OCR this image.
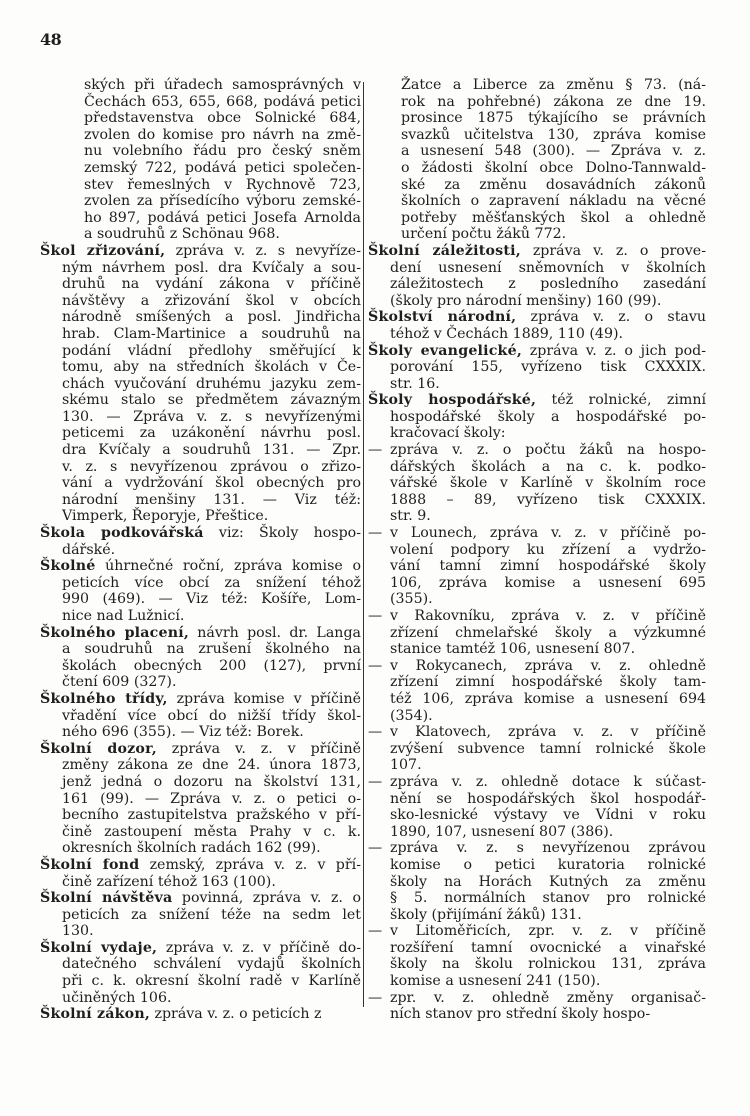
48
ských při úřadech samosprávných v
Čechách 653, 655, 668, podává petici
představenstva obce Solnické 684,
zvolen do komise pro návrh na změ-
nu volebního řádu pro český sněm
zemský 722, podává petici společen-
stev řemeslných v Rychnově 723,
zvolen za přísedícího výboru zemské-
ho 897, podává petici Josefa Arnolda
a soudruhů z Schönau 968.
Škol zřizování, zpráva v. z. s nevyříze-
ným návrhem posl. dra Kvíčaly a sou-
druhů na vydání zákona v příčině
návštěvy a zřizování škol v obcích
národně smíšených a posl. Jindřicha
hrab. Clam-Martinice a soudruhů na
podání vládní předlohy směřující k
tomu, aby na středních školách v Če-
chách vyučování druhému jazyku zem-
skému stalo se předmětem závazným
130. — Zpráva v. z. s nevyřízenými
peticemi za uzákonění návrhu posl.
dra Kvíčaly a soudruhů 131. — Zpr.
v. z. s nevyřízenou zprávou o zřizo-
vání a vydržování škol obecných pro
národní menšiny 131. — Viz též:
Vimperk, Řeporyje, Přeštice.
Škola podkovářská viz: Školy hospo-
dářské.
Školné úhrnečné roční, zpráva komise o
peticích více obcí za snížení téhož
990 (469). — Viz též: Košíře, Lom-
nice nad Lužnicí.
Školného placení, návrh posl. dr. Langa
a soudruhů na zrušení školného na
školách obecných 200 (127), první
čtení 609 (327).
Školného třídy, zpráva komise v příčině
vřadění více obcí do nižší třídy škol-
ného 696 (355). — Viz též: Borek.
Školní dozor, zpráva v. z. v příčině
změny zákona ze dne 24. února 1873,
jenž jedná o dozoru na školství 131,
161 (99). — Zpráva v. z. o petici o-
becního zastupitelstva pražského v pří-
čině zastoupení města Prahy v c. k.
okresních školních radách 162 (99).
Školní fond zemský, zpráva v. z. v pří-
čině zařízení téhož 163 (100).
Školní návštěva povinná, zpráva v. z. o
peticích za snížení téže na sedm let
130.
Školní vydaje, zpráva v. z. v příčině do-
datečného schválení vydajů školních
při c. k. okresní školní radě v Karlíně
učiněných 106.
Školní zákon, zpráva v. z. o peticích z
Žatce a Liberce za změnu § 73. (ná-
rok na pohřebné) zákona ze dne 19.
prosince 1875 týkajícího se právních
svazků učitelstva 130, zpráva komise
a usnesení 548 (300). — Zpráva v. z.
o žádosti školní obce Dolno-Tannwald-
ské za změnu dosavádních zákonů
školních o zapravení nákladu na věcné
potřeby měšťanských škol a ohledně
určení počtu žáků 772.
Školní záležitosti, zpráva v. z. o prove-
dení usnesení sněmovních v školních
záležitostech z posledního zasedání
(školy pro národní menšiny) 160 (99).
Školství národní, zpráva v. z. o stavu
téhož v Čechách 1889, 110 (49).
Školy evangelické, zpráva v. z. o jich pod-
porování 155, vyřízeno tisk CXXXIX.
str. 16.
Školy hospodářské, též rolnické, zimní
hospodářské školy a hospodářské po-
kračovací školy:
— zpráva v. z. o počtu žáků na hospo-
dářských školách a na c. k. podko-
vářské škole v Karlíně v školním roce
1888 – 89, vyřízeno tisk CXXXIX.
str. 9.
— v Lounech, zpráva v. z. v příčině po-
volení podpory ku zřízení a vydržo-
vání tamní zimní hospodářské školy
106, zpráva komise a usnesení 695
(355).
— v Rakovníku, zpráva v. z. v příčině
zřízení chmelařské školy a výzkumné
stanice tamtéž 106, usnesení 807.
— v Rokycanech, zpráva v. z. ohledně
zřízení zimní hospodářské školy tam-
též 106, zpráva komise a usnesení 694
(354).
— v Klatovech, zpráva v. z. v příčině
zvýšení subvence tamní rolnické škole
107.
— zpráva v. z. ohledně dotace k súčast-
nění se hospodářských škol hospodář-
sko-lesnické výstavy ve Vídni v roku
1890, 107, usnesení 807 (386).
— zpráva v. z. s nevyřízenou zprávou
komise o petici kuratoria rolnické
školy na Horách Kutných za změnu
§ 5. normálních stanov pro rolnické
školy (přijímání žáků) 131.
— v Litoměřicích, zpr. v. z. v příčině
rozšíření tamní ovocnické a vinařské
školy na školu rolnickou 131, zpráva
komise a usnesení 241 (150).
— zpr. v. z. ohledně změny organisač-
ních stanov pro střední školy hospo-
